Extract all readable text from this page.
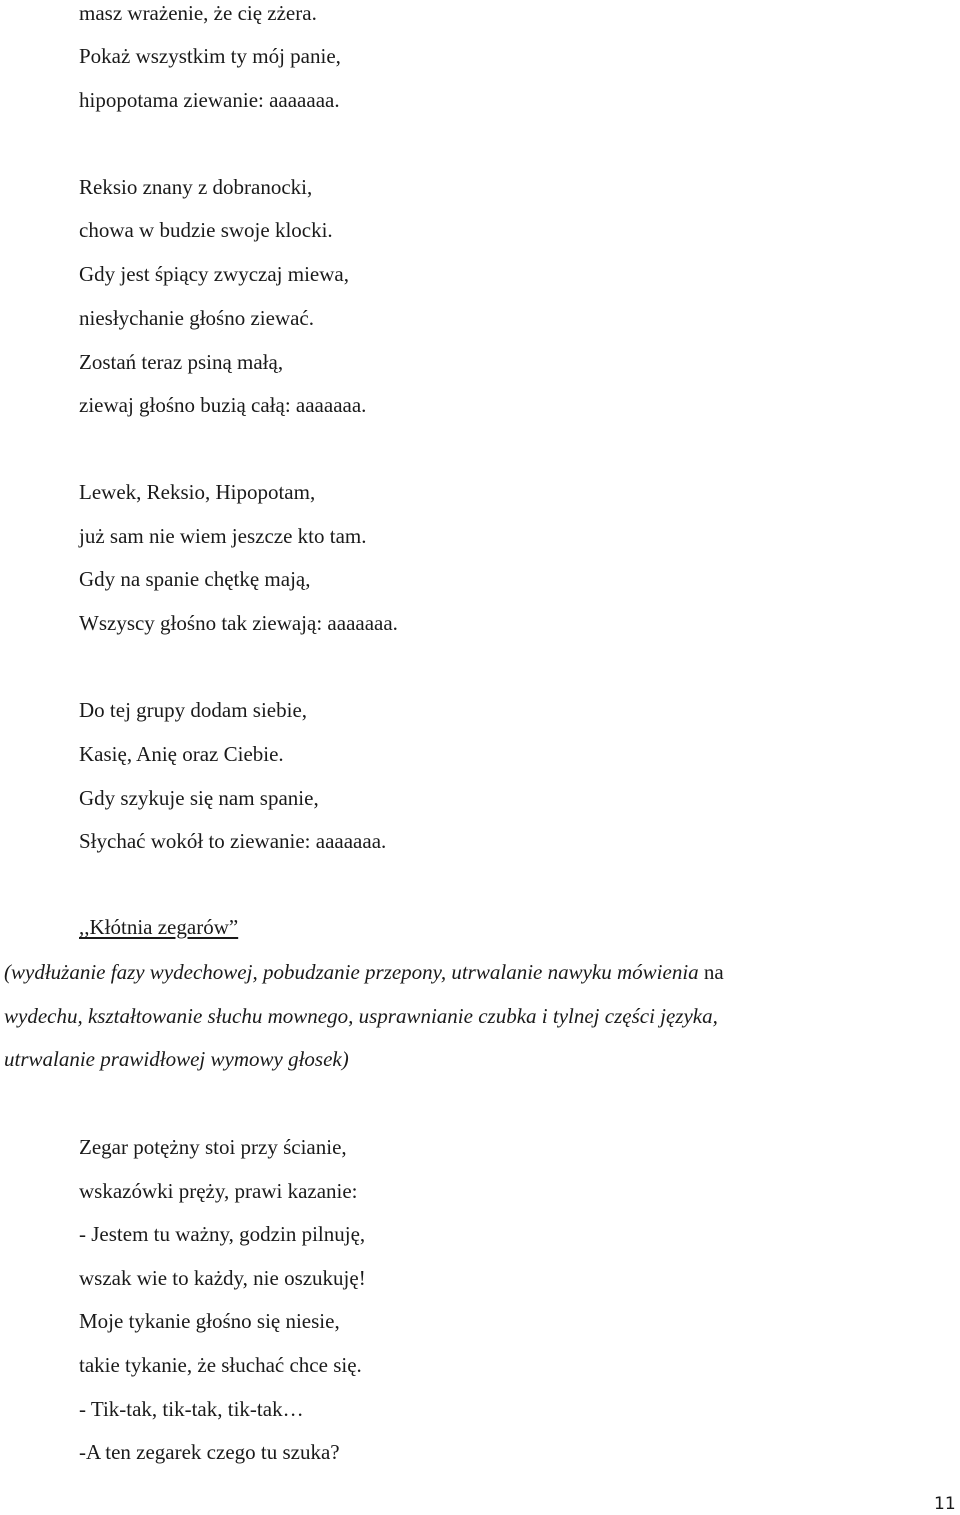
masz wrażenie, że cię zżera.
Pokaż wszystkim ty mój panie,
hipopotama ziewanie: aaaaaaa.
Reksio znany z dobranocki,
chowa w budzie swoje klocki.
Gdy jest śpiący zwyczaj miewa,
niesłychanie głośno ziewać.
Zostań teraz psiną małą,
ziewaj głośno buzią całą: aaaaaaa.
Lewek, Reksio, Hipopotam,
już sam nie wiem jeszcze kto tam.
Gdy na spanie chętkę mają,
Wszyscy głośno tak ziewają: aaaaaaa.
Do tej grupy dodam siebie,
Kasię, Anię oraz Ciebie.
Gdy szykuje się nam spanie,
Słychać wokół to ziewanie: aaaaaaa.
,,Kłótnia zegarów”
(wydłużanie fazy wydechowej, pobudzanie przepony, utrwalanie nawyku mówienia na
wydechu, kształtowanie słuchu mownego, usprawnianie czubka i tylnej części języka,
utrwalanie prawidłowej wymowy głosek)
Zegar potężny stoi przy ścianie,
wskazówki pręży, prawi kazanie:
- Jestem tu ważny, godzin pilnuję,
wszak wie to każdy, nie oszukuję!
Moje tykanie głośno się niesie,
takie tykanie, że słuchać chce się.
- Tik-tak, tik-tak, tik-tak…
-A ten zegarek czego tu szuka?
11
